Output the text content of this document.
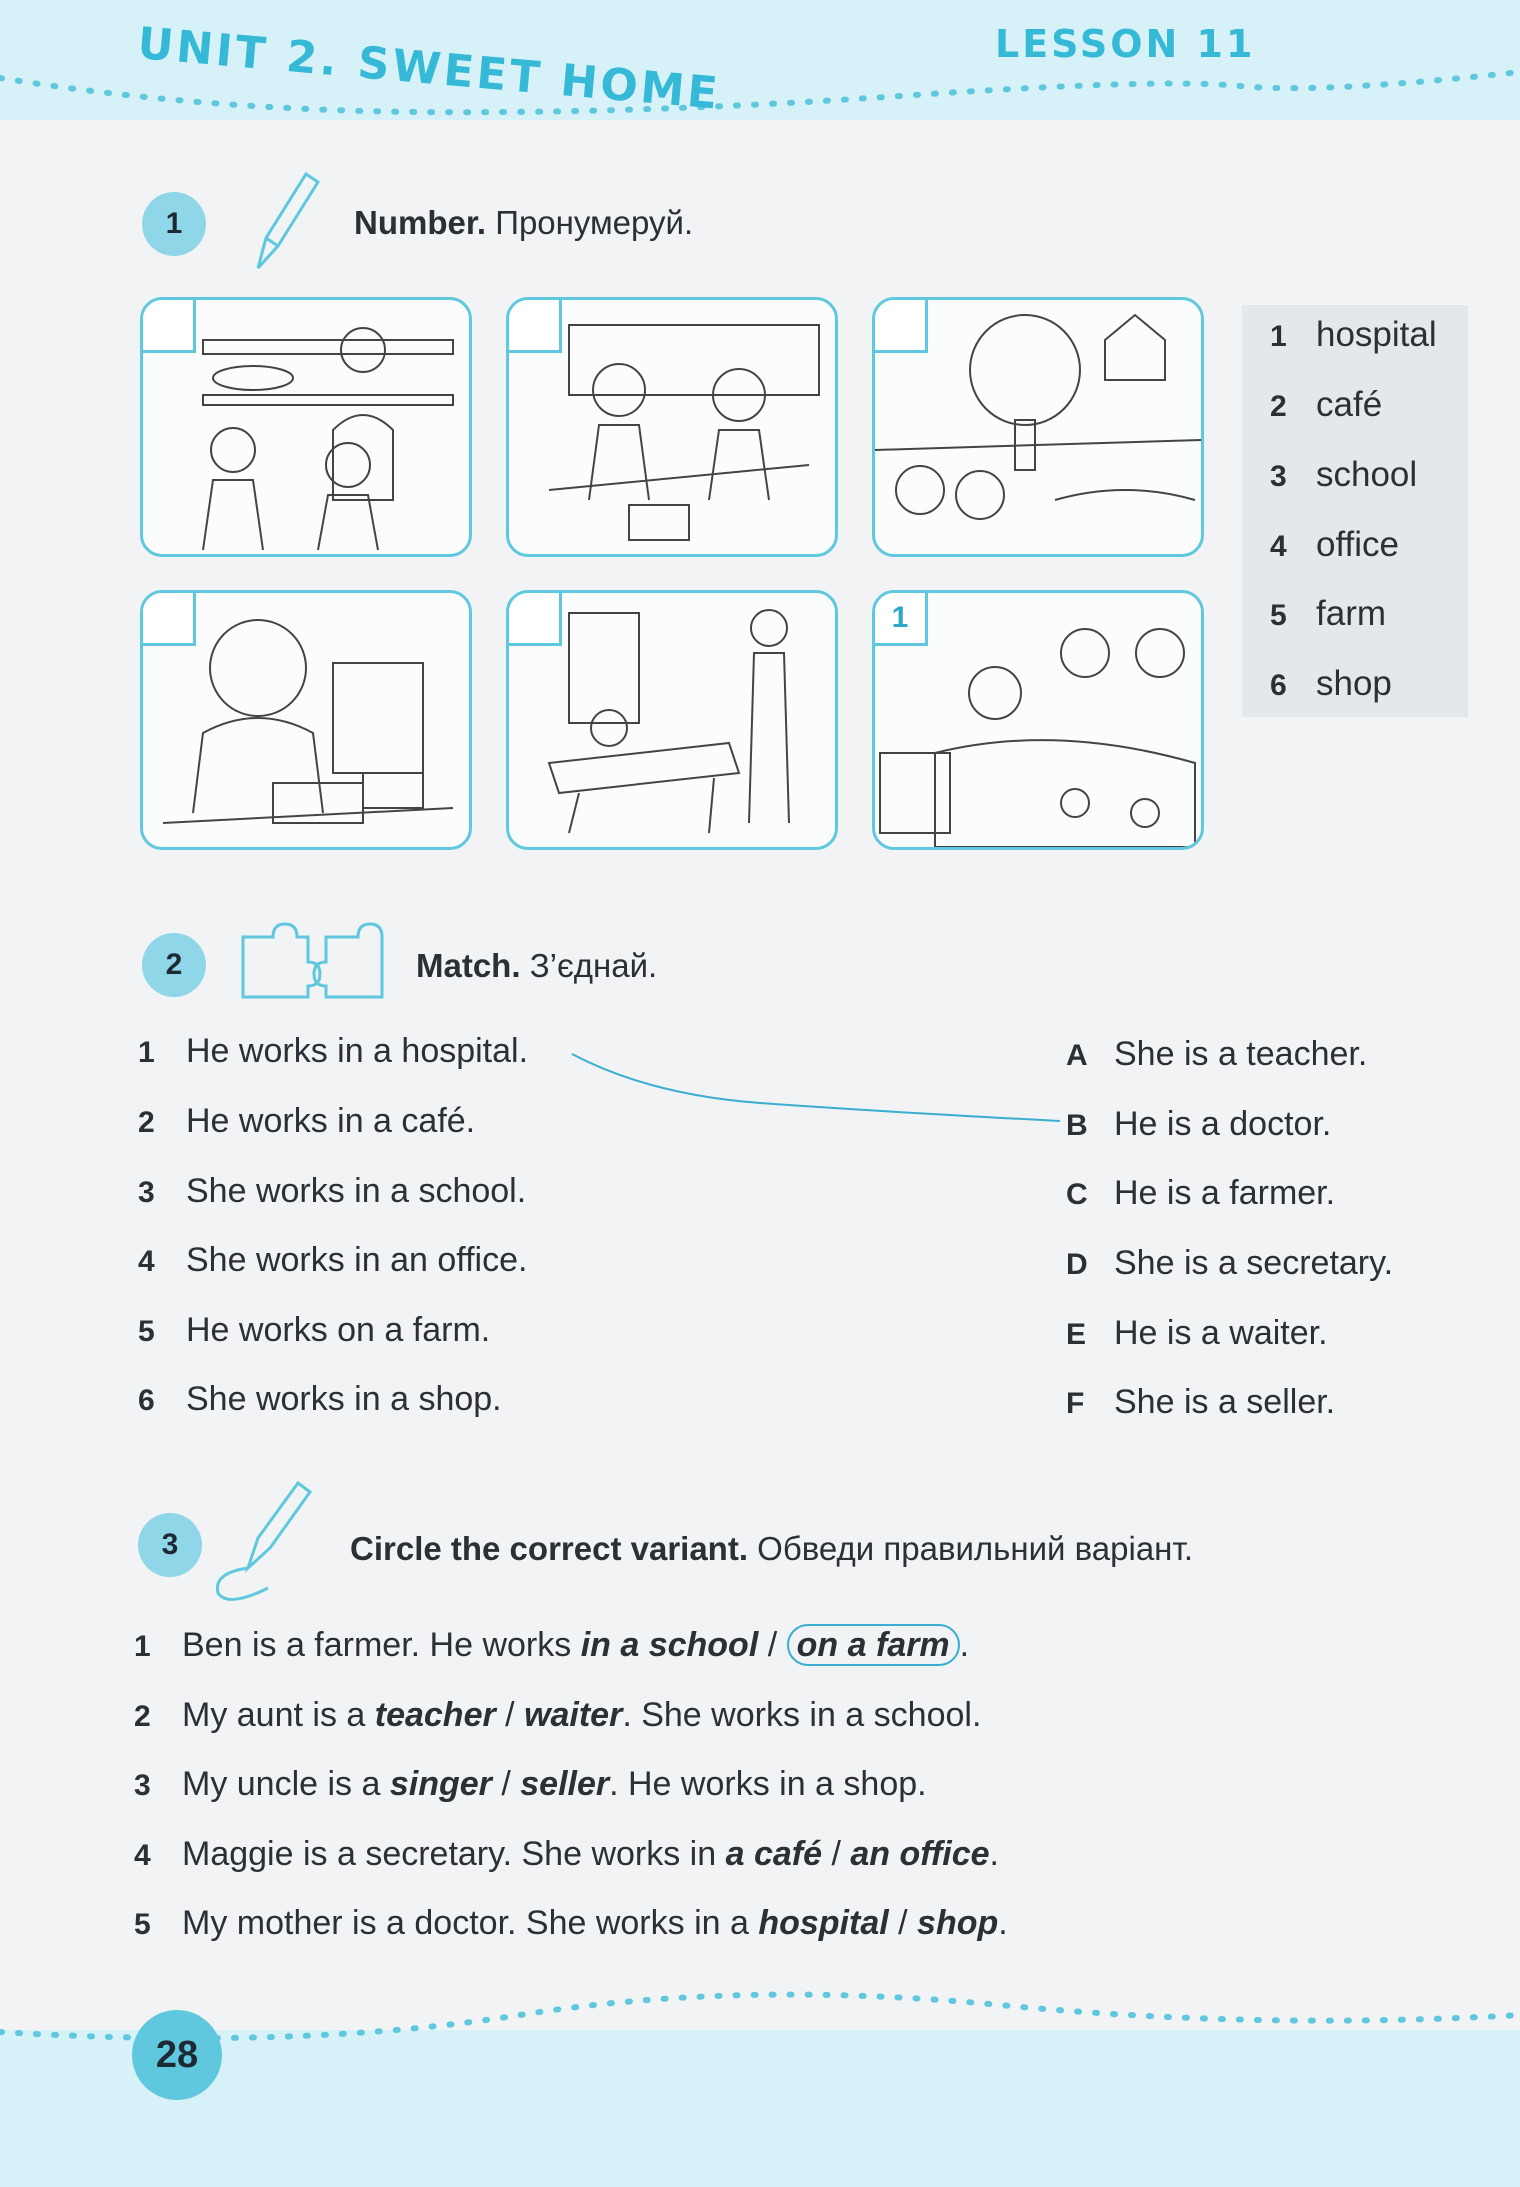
UNIT 2. SWEET HOME	LESSON 11
1	Number. Пронумеруй.
1
1 hospital
2 café
3 school
4 office
5 farm
6 shop
2	Match. З’єднай.
1 He works in a hospital.
2 He works in a café.
3 She works in a school.
4 She works in an office.
5 He works on a farm.
6 She works in a shop.
A She is a teacher.
B He is a doctor.
C He is a farmer.
D She is a secretary.
E He is a waiter.
F She is a seller.
3	Circle the correct variant. Обведи правильний варіант.
1 Ben is a farmer. He works in a school / on a farm .
2 My aunt is a teacher / waiter. She works in a school.
3 My uncle is a singer / seller. He works in a shop.
4 Maggie is a secretary. She works in a café / an office.
5 My mother is a doctor. She works in a hospital / shop.
28
